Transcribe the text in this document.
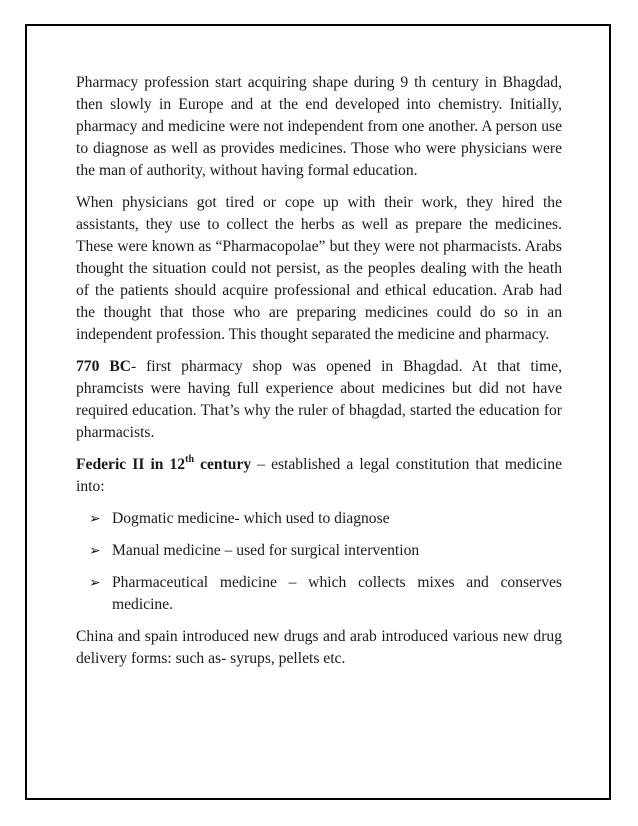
Pharmacy profession start acquiring shape during 9 th century in Bhagdad, then slowly in Europe and at the end developed into chemistry. Initially, pharmacy and medicine were not independent from one another. A person use to diagnose as well as provides medicines. Those who were physicians were the man of authority, without having formal education.

When physicians got tired or cope up with their work, they hired the assistants, they use to collect the herbs as well as prepare the medicines. These were known as “Pharmacopolae” but they were not pharmacists. Arabs thought the situation could not persist, as the peoples dealing with the heath of the patients should acquire professional and ethical education. Arab had the thought that those who are preparing medicines could do so in an independent profession. This thought separated the medicine and pharmacy.

770 BC- first pharmacy shop was opened in Bhagdad. At that time, phramcists were having full experience about medicines but did not have required education. That’s why the ruler of bhagdad, started the education for pharmacists.

Federic II in 12th century – established a legal constitution that medicine into:

➢ Dogmatic medicine- which used to diagnose
➢ Manual medicine – used for surgical intervention
➢ Pharmaceutical medicine – which collects mixes and conserves medicine.

China and spain introduced new drugs and arab introduced various new drug delivery forms: such as- syrups, pellets etc.
